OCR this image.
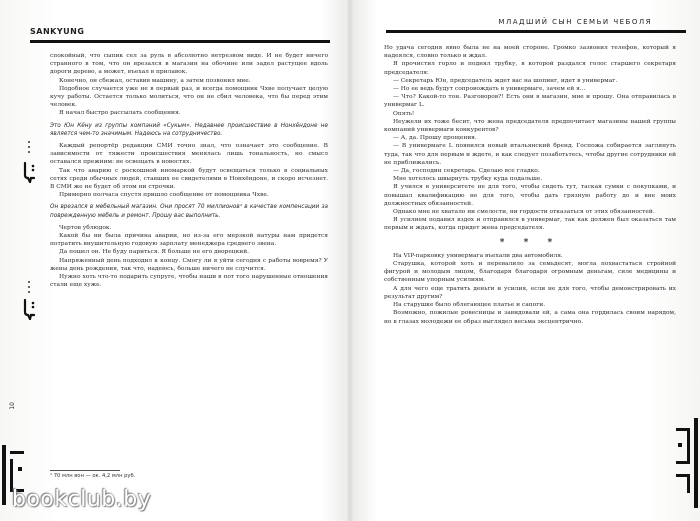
SANKYUNG

спокойный, что сыпик сел за руль в абсолютно нетрезвом виде. И не будет ничего странного в том, что он врезался в магазин на обочине или задел растущее вдоль дороги дерево, а может, въехал в прилавок.

Конечно, он сбежал, оставив машину, а затем позвонил мне.

Подобное случается уже не в первый раз, и всегда помощник Чхве получает целую кучу работы. Остается только молиться, что он не сбил человека, что бы перед этим человек.

Я начал быстро рассылать сообщения.

Это Юн Кёну из группы компаний «Сукым». Недавнее происшествие в Нонхёндоне не является чем-то значимым. Надеюсь на сотрудничество.

Каждый репортёр редакции СМИ точно знал, что означает это сообщение. В зависимости от тяжести происшествия менялась лишь тональность, но смысл оставался прежним: не освещать в новостях.

Так что аварию с роскошной иномаркой будут освещаться только в социальных сетях среди обычных людей, ставших ее свидетелями в Нонхёндоне, и скоро исчезнет. В СМИ же не будет об этом ни строчки.

Примерно полчаса спустя пришло сообщение от помощника Чхве.

Он врезался в мебельный магазин. Они просят 70 миллионов¹ в качестве компенсации за поврежденную мебель и ремонт. Прошу вас выполнить.

Чертов ублюдок.

Какой бы ни была причина аварии, но из-за его мерзкой натуры нам придется потратить внушительную годовую зарплату менеджера среднего звена.

Да пошел он. Не буду париться. Я больше не его дворецкий.

Напряженный день подходил к концу. Смогу ли я уйти сегодня с работы вовремя? У жены день рождения, так что, надеюсь, больше ничего не случится.

Нужно хоть что-то подарить супруге, чтобы наши в пот того нарушенные отношения стали еще хуже.

10
¹ 70 млн вон — ок. 4,2 млн руб.
МЛАДШИЙ СЫН СЕМЬИ ЧЕБОЛЯ

Но удача сегодня явно была не на моей стороне. Громко зазвонил телефон, который я надеялся, словно только и ждал.

Я прочистил горло и поднял трубку, в которой раздался голос старшего секретаря председателя:

— Секретарь Юн, председатель ждет вас на шопинг, идет в универмаг.

— Но ее ведь будут сопровождать в универмаге, зачем ей я...

— Что? Какой-то тон. Разговоров?! Есть они в магазин, мне и прошу. Она отправилась в универмаг L.

Опять!

Неужели их тоже бесит, что жена председателя предпочитает магазины нашей группы компаний универмаги конкурентов?

— А, да. Прошу прощения.

— В универмаге L появился новый итальянский бренд. Госпожа собирается заглянуть туда, так что для первым и ждете, и как следует позаботьтесь, чтобы другие сотрудники ей не приближались.

— Да, господин секретарь. Сделаю все гладко.

Мне хотелось швырнуть трубку куда подальше.

Я учился в университете не для того, чтобы сидеть тут, таская сумки с покупками, и повышал квалификацию не для того, чтобы дать грязную работу до и вне моих должностных обязанностей.

Однако мне не хватало ни смелости, ни гордости отказаться от этих обязанностей.

Я усилием подавил вздох и отправился в универмаг, так как должен был оказаться там первым и ждать, когда придет жена председателя.

* * *

На VIP-парковку универмага въехали два автомобиля.

Старушка, которой хоть и перевалило за семьдесят, могла похвастаться стройной фигурой и молодым лицом, благодаря благодаря огромным деньгам, силе медицины и собственным упорным усилиям.

А для чего еще тратить деньги и усилия, если не для того, чтобы демонстрировать их результат другим?

На старушке было облегающее платье и сапоги.

Возможно, пожилые ровесницы и завидовали ей, а сама она гордилась своим нарядом, но в глазах молодежи ее образ выглядел весьма эксцентрично.

bookclub.by
